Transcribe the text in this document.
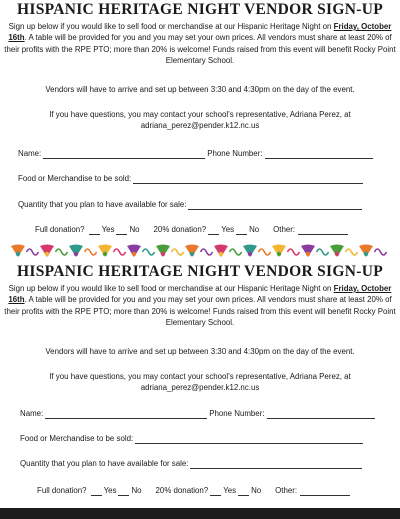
HISPANIC HERITAGE NIGHT VENDOR SIGN-UP

Sign up below if you would like to sell food or merchandise at our Hispanic Heritage Night on Friday, October 16th. A table will be provided for you and you may set your own prices. All vendors must share at least 20% of their profits with the RPE PTO; more than 20% is welcome! Funds raised from this event will benefit Rocky Point Elementary School.

Vendors will have to arrive and set up between 3:30 and 4:30pm on the day of the event.
If you have questions, you may contact your school's representative, Adriana Perez, at
adriana_perez@pender.k12.nc.us
Name:	Phone Number:
Food or Merchandise to be sold:
Quantity that you plan to have available for sale:
Full donation? Yes No 20% donation? Yes No Other:
HISPANIC HERITAGE NIGHT VENDOR SIGN-UP

Sign up below if you would like to sell food or merchandise at our Hispanic Heritage Night on Friday, October 16th. A table will be provided for you and you may set your own prices. All vendors must share at least 20% of their profits with the RPE PTO; more than 20% is welcome! Funds raised from this event will benefit Rocky Point Elementary School.

Vendors will have to arrive and set up between 3:30 and 4:30pm on the day of the event.
If you have questions, you may contact your school's representative, Adriana Perez, at
adriana_perez@pender.k12.nc.us
Name:	Phone Number:
Food or Merchandise to be sold:
Quantity that you plan to have available for sale:
Full donation? Yes No 20% donation? Yes No Other:
